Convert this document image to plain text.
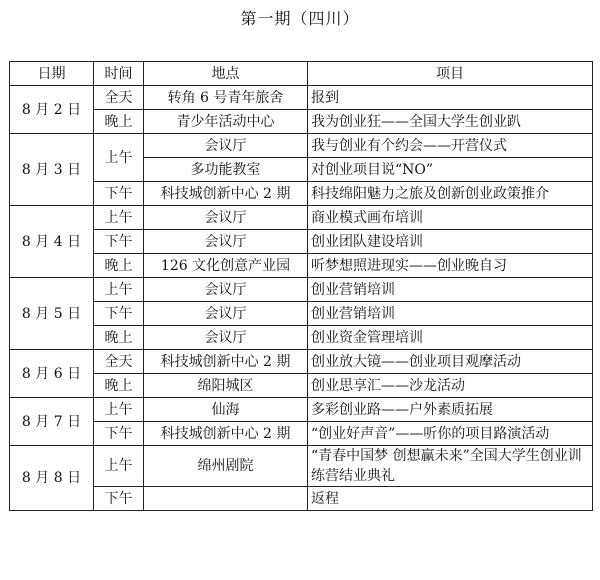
第一期（四川）
日期	时间	地点	项目
8 月 2 日	全天	转角 6 号青年旅舍	报到
	晚上	青少年活动中心	我为创业狂——全国大学生创业趴
8 月 3 日	上午	会议厅	我与创业有个约会——开营仪式
		多功能教室	对创业项目说“NO”
	下午	科技城创新中心 2 期	科技绵阳魅力之旅及创新创业政策推介
8 月 4 日	上午	会议厅	商业模式画布培训
	下午	会议厅	创业团队建设培训
	晚上	126 文化创意产业园	听梦想照进现实——创业晚自习
8 月 5 日	上午	会议厅	创业营销培训
	下午	会议厅	创业营销培训
	晚上	会议厅	创业资金管理培训
8 月 6 日	全天	科技城创新中心 2 期	创业放大镜——创业项目观摩活动
	晚上	绵阳城区	创业思享汇——沙龙活动
8 月 7 日	上午	仙海	多彩创业路——户外素质拓展
	下午	科技城创新中心 2 期	“创业好声音”——听你的项目路演活动
8 月 8 日	上午	绵州剧院	“青春中国梦 创想赢未来”全国大学生创业训练营结业典礼
	下午		返程
